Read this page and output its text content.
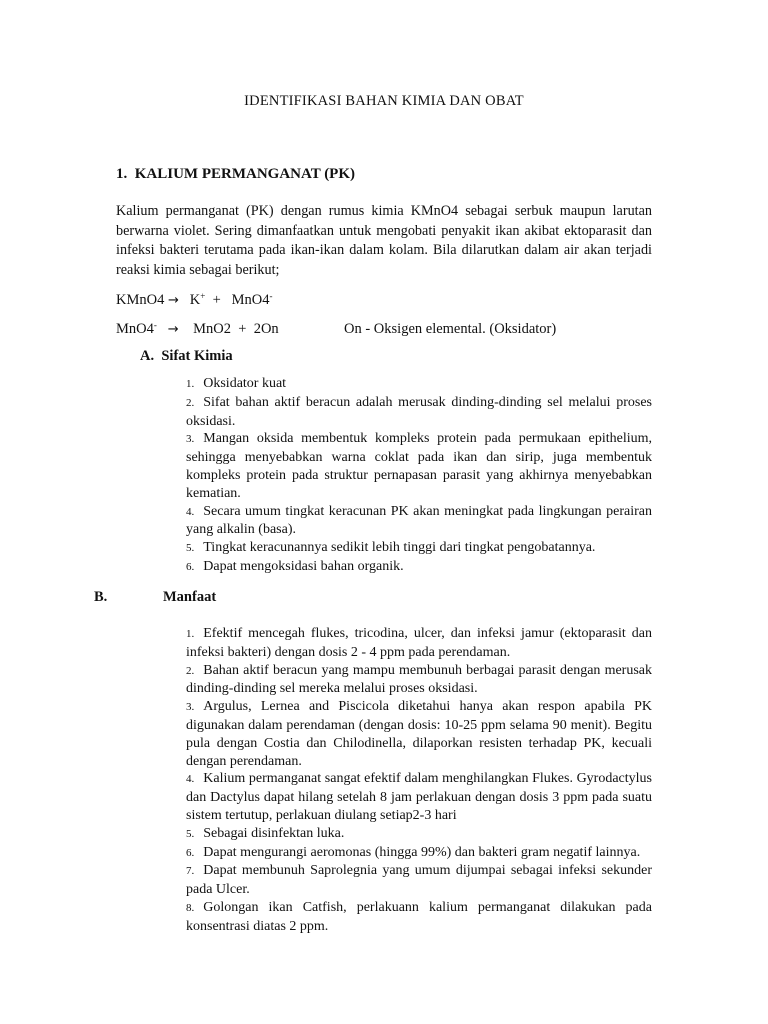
IDENTIFIKASI BAHAN KIMIA DAN OBAT
1. KALIUM PERMANGANAT (PK)
Kalium permanganat (PK) dengan rumus kimia KMnO4 sebagai serbuk maupun larutan berwarna violet. Sering dimanfaatkan untuk mengobati penyakit ikan akibat ektoparasit dan infeksi bakteri terutama pada ikan-ikan dalam kolam. Bila dilarutkan dalam air akan terjadi reaksi kimia sebagai berikut;
KMnO4 → K+ + MnO4-
MnO4- → MnO2  +  2On	On - Oksigen elemental. (Oksidator)
A. Sifat Kimia
1. Oksidator kuat
2. Sifat bahan aktif beracun adalah merusak dinding-dinding sel melalui proses oksidasi.
3. Mangan oksida membentuk kompleks protein pada permukaan epithelium, sehingga menyebabkan warna coklat pada ikan dan sirip, juga membentuk kompleks protein pada struktur pernapasan parasit yang akhirnya menyebabkan kematian.
4. Secara umum tingkat keracunan PK akan meningkat pada lingkungan perairan yang alkalin (basa).
5. Tingkat keracunannya sedikit lebih tinggi dari tingkat pengobatannya.
6. Dapat mengoksidasi bahan organik.
B.	Manfaat
1. Efektif mencegah flukes, tricodina, ulcer, dan infeksi jamur (ektoparasit dan infeksi bakteri) dengan dosis 2 - 4 ppm pada perendaman.
2. Bahan aktif beracun yang mampu membunuh berbagai parasit dengan merusak dinding-dinding sel mereka melalui proses oksidasi.
3. Argulus, Lernea and Piscicola diketahui hanya akan respon apabila PK digunakan dalam perendaman (dengan dosis: 10-25 ppm selama 90 menit). Begitu pula dengan Costia dan Chilodinella, dilaporkan resisten terhadap PK, kecuali dengan perendaman.
4. Kalium permanganat sangat efektif dalam menghilangkan Flukes. Gyrodactylus dan Dactylus dapat hilang setelah 8 jam perlakuan dengan dosis 3 ppm pada suatu sistem tertutup, perlakuan diulang setiap2-3 hari
5. Sebagai disinfektan luka.
6. Dapat mengurangi aeromonas (hingga 99%) dan bakteri gram negatif lainnya.
7. Dapat membunuh Saprolegnia yang umum dijumpai sebagai infeksi sekunder pada Ulcer.
8. Golongan ikan Catfish, perlakuann kalium permanganat dilakukan pada konsentrasi diatas 2 ppm.
